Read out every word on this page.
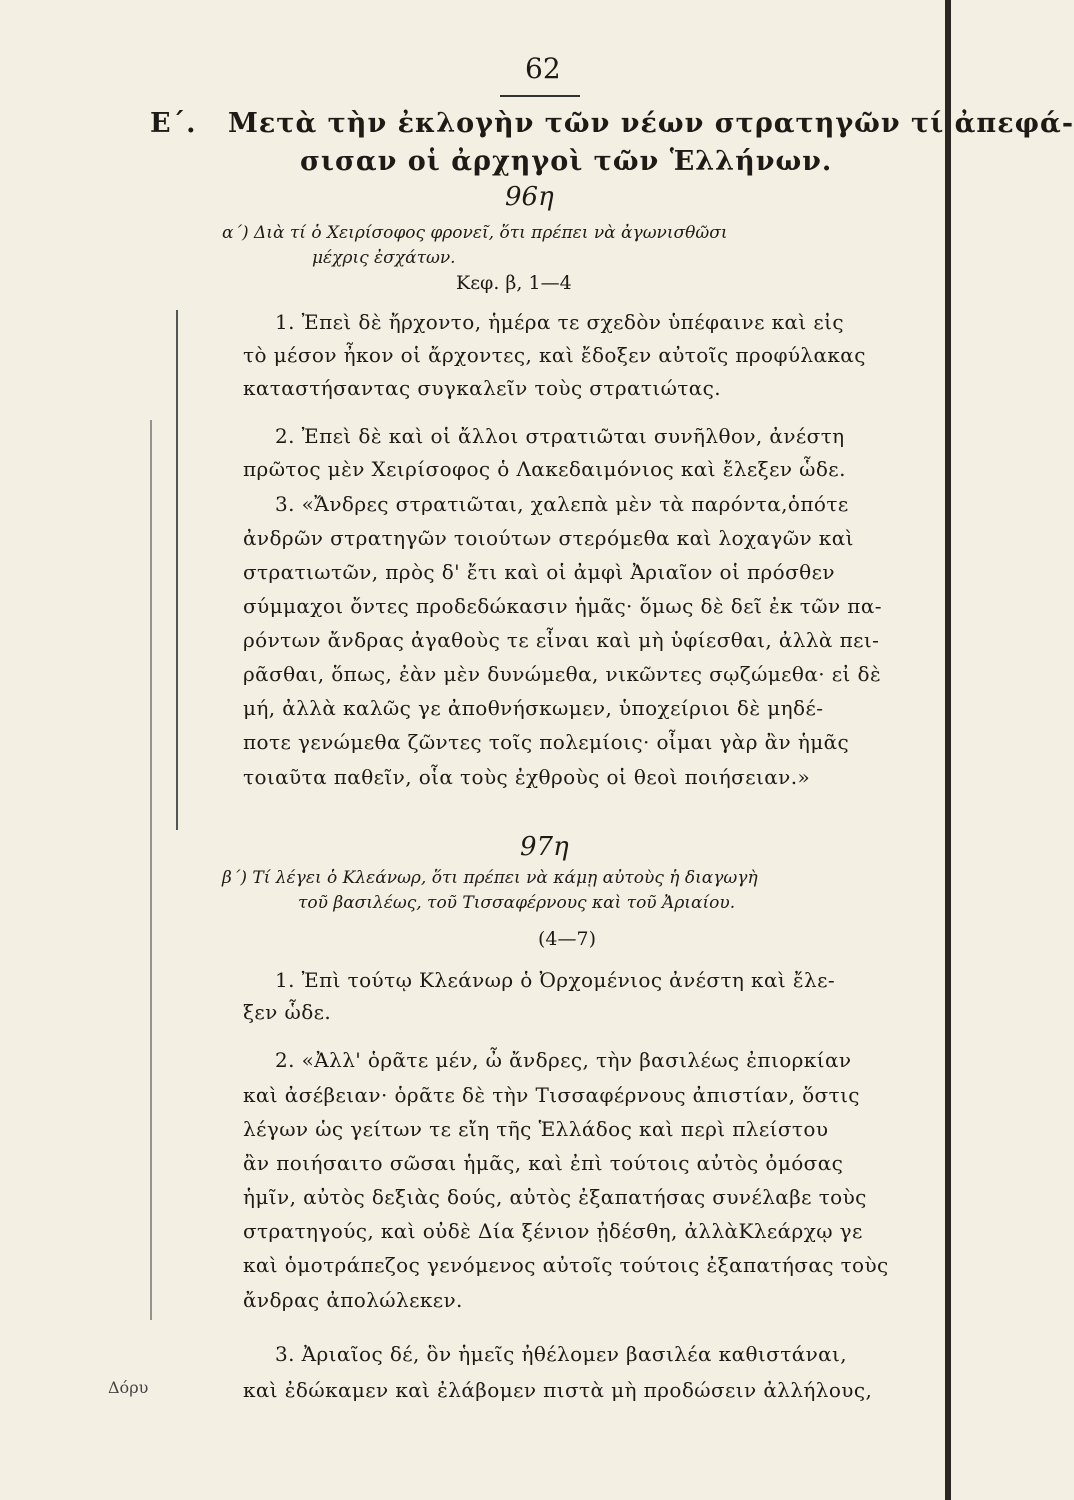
62
Ε΄. Μετὰ τὴν ἐκλογὴν τῶν νέων στρατηγῶν τί ἀπεφά-
σισαν οἱ ἀρχηγοὶ τῶν Ἑλλήνων.
96η
α΄) Διὰ τί ὁ Χειρίσοφος φρονεῖ, ὅτι πρέπει νὰ ἀγωνισθῶσι
μέχρις ἐσχάτων.
Κεφ. β, 1—4
1. Ἐπεὶ δὲ ἤρχοντο, ἡμέρα τε σχεδὸν ὑπέφαινε καὶ εἰς
τὸ μέσον ἦκον οἱ ἄρχοντες, καὶ ἔδοξεν αὐτοῖς προφύλακας
καταστήσαντας συγκαλεῖν τοὺς στρατιώτας.
2. Ἐπεὶ δὲ καὶ οἱ ἄλλοι στρατιῶται συνῆλθον, ἀνέστη
πρῶτος μὲν Χειρίσοφος ὁ Λακεδαιμόνιος καὶ ἔλεξεν ὧδε.
3. «Ἄνδρες στρατιῶται, χαλεπὰ μὲν τὰ παρόντα,ὁπότε
ἀνδρῶν στρατηγῶν τοιούτων στερόμεθα καὶ λοχαγῶν καὶ
στρατιωτῶν, πρὸς δ' ἔτι καὶ οἱ ἀμφὶ Ἀριαῖον οἱ πρόσθεν
σύμμαχοι ὄντες προδεδώκασιν ἡμᾶς· ὅμως δὲ δεῖ ἐκ τῶν πα-
ρόντων ἄνδρας ἀγαθοὺς τε εἶναι καὶ μὴ ὑφίεσθαι, ἀλλὰ πει-
ρᾶσθαι, ὅπως, ἐὰν μὲν δυνώμεθα, νικῶντες σῳζώμεθα· εἰ δὲ
μή, ἀλλὰ καλῶς γε ἀποθνήσκωμεν, ὑποχείριοι δὲ μηδέ-
ποτε γενώμεθα ζῶντες τοῖς πολεμίοις· οἶμαι γὰρ ἂν ἡμᾶς
τοιαῦτα παθεῖν, οἷα τοὺς ἐχθροὺς οἱ θεοὶ ποιήσειαν.»
97η
β΄) Τί λέγει ὁ Κλεάνωρ, ὅτι πρέπει νὰ κάμῃ αὐτοὺς ἡ διαγωγὴ
τοῦ βασιλέως, τοῦ Τισσαφέρνους καὶ τοῦ Ἀριαίου.
(4—7)
1. Ἐπὶ τούτῳ Κλεάνωρ ὁ Ὀρχομένιος ἀνέστη καὶ ἔλε-
ξεν ὧδε.
2. «Ἀλλ' ὁρᾶτε μέν, ὦ ἄνδρες, τὴν βασιλέως ἐπιορκίαν
καὶ ἀσέβειαν· ὁρᾶτε δὲ τὴν Τισσαφέρνους ἀπιστίαν, ὅστις
λέγων ὡς γείτων τε εἴη τῆς Ἑλλάδος καὶ περὶ πλείστου
ἂν ποιήσαιτο σῶσαι ἡμᾶς, καὶ ἐπὶ τούτοις αὐτὸς ὀμόσας
ἡμῖν, αὐτὸς δεξιὰς δούς, αὐτὸς ἐξαπατήσας συνέλαβε τοὺς
στρατηγούς, καὶ οὐδὲ Δία ξένιον ᾐδέσθη, ἀλλὰΚλεάρχῳ γε
καὶ ὁμοτράπεζος γενόμενος αὐτοῖς τούτοις ἐξαπατήσας τοὺς
ἄνδρας ἀπολώλεκεν.
3. Ἀριαῖος δέ, ὃν ἡμεῖς ἠθέλομεν βασιλέα καθιστάναι,
καὶ ἐδώκαμεν καὶ ἐλάβομεν πιστὰ μὴ προδώσειν ἀλλήλους,
Δόρυ
